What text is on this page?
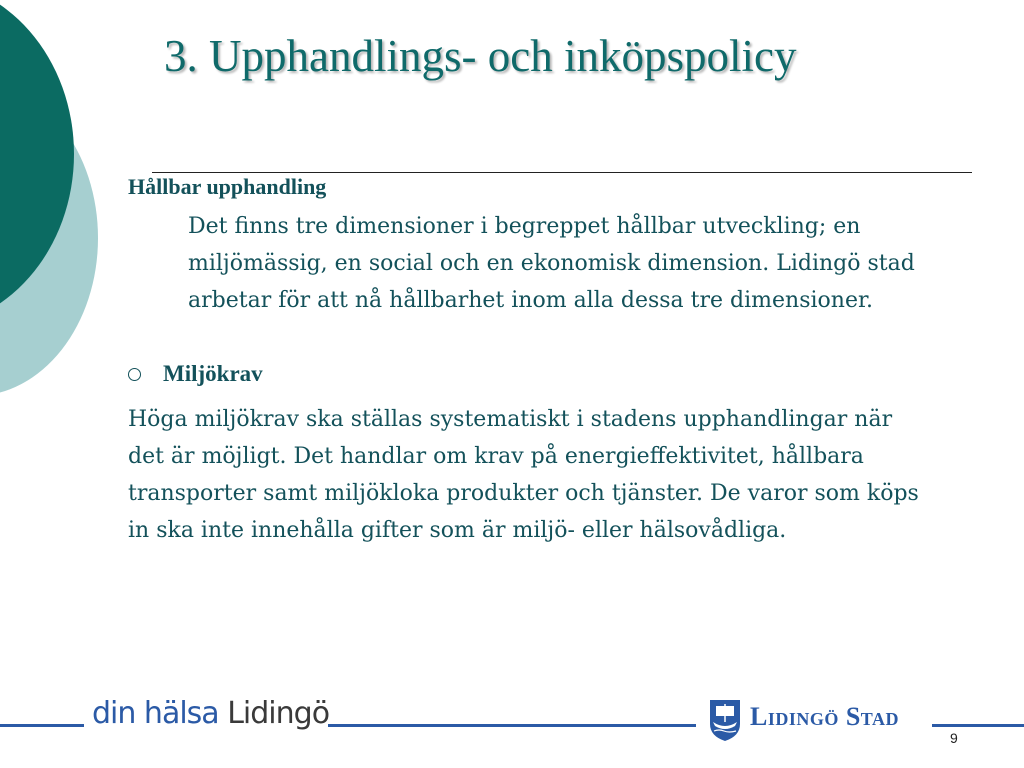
3. Upphandlings- och inköpspolicy

Hållbar upphandling

Det finns tre dimensioner i begreppet hållbar utveckling; en miljömässig, en social och en ekonomisk dimension. Lidingö stad arbetar för att nå hållbarhet inom alla dessa tre dimensioner.

Miljökrav

Höga miljökrav ska ställas systematiskt i stadens upphandlingar när det är möjligt. Det handlar om krav på energieffektivitet, hållbara transporter samt miljökloka produkter och tjänster. De varor som köps in ska inte innehålla gifter som är miljö- eller hälsovådliga.

din hälsa Lidingö	Lidingö Stad
9
